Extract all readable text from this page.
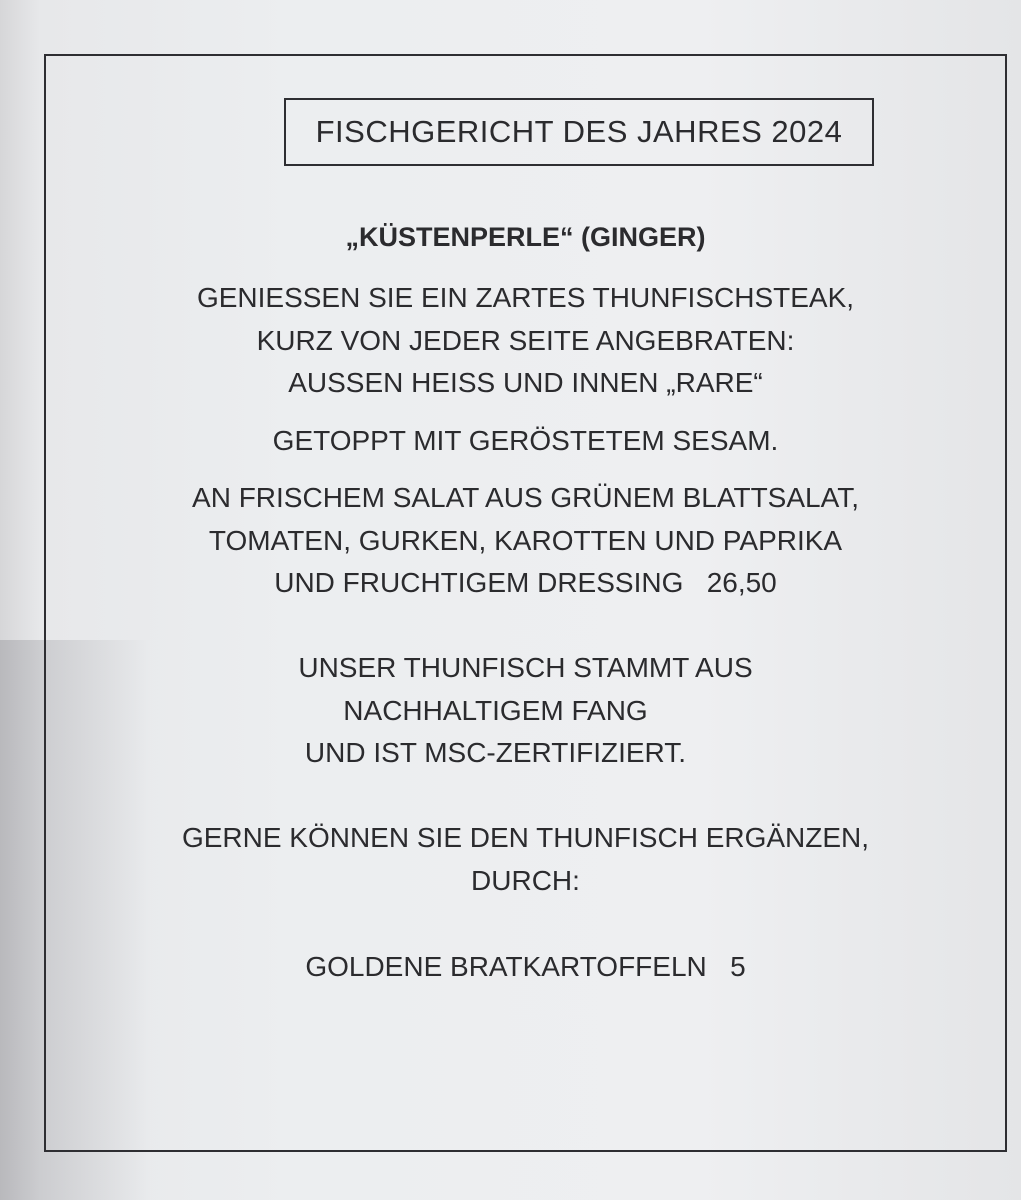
FISCHGERICHT DES JAHRES 2024
„KÜSTENPERLE“ (GINGER)
GENIESSEN SIE EIN ZARTES THUNFISCHSTEAK,
KURZ VON JEDER SEITE ANGEBRATEN:
AUSSEN HEISS UND INNEN „RARE“
GETOPPT MIT GERÖSTETEM SESAM.
AN FRISCHEM SALAT AUS GRÜNEM BLATTSALAT,
TOMATEN, GURKEN, KAROTTEN UND PAPRIKA
UND FRUCHTIGEM DRESSING   26,50
UNSER THUNFISCH STAMMT AUS
NACHHALTIGEM FANG
UND IST MSC-ZERTIFIZIERT.
GERNE KÖNNEN SIE DEN THUNFISCH ERGÄNZEN,
DURCH:
GOLDENE BRATKARTOFFELN   5
